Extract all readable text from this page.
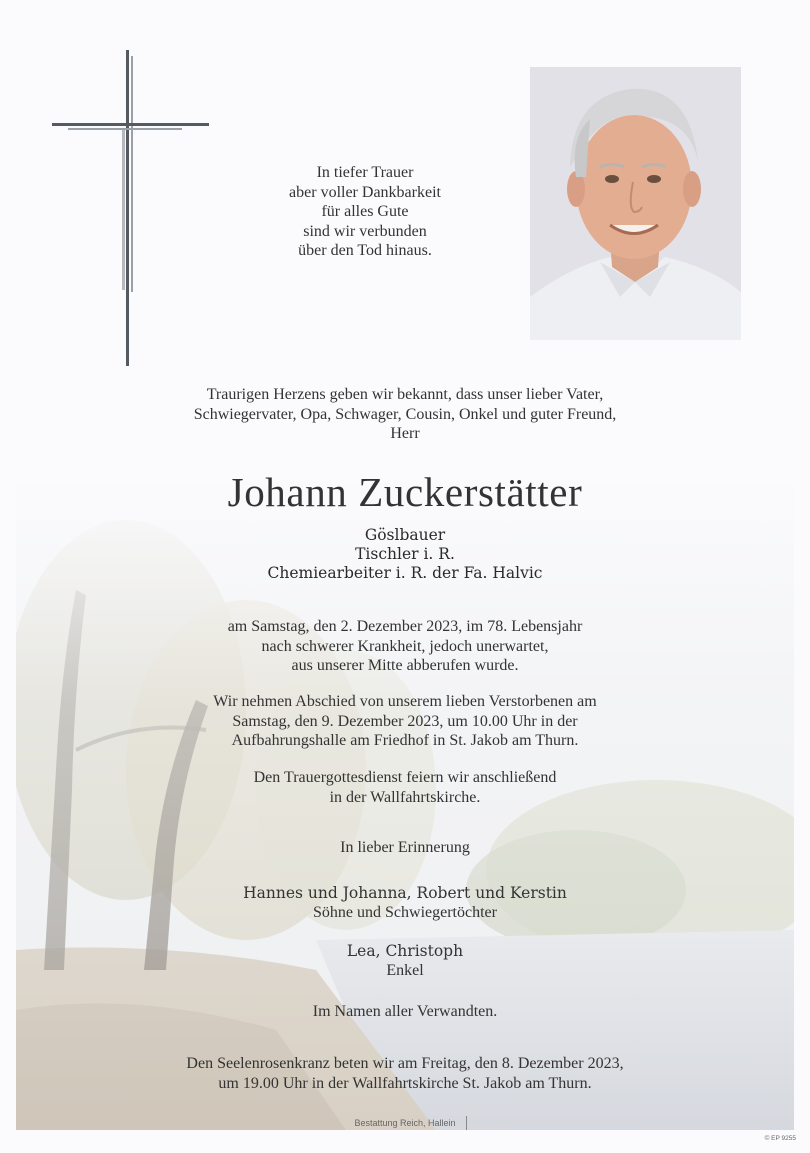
In tiefer Trauer
aber voller Dankbarkeit
für alles Gute
sind wir verbunden
über den Tod hinaus.
Traurigen Herzens geben wir bekannt, dass unser lieber Vater,
Schwiegervater, Opa, Schwager, Cousin, Onkel und guter Freund,
Herr
Johann Zuckerstätter
Göslbauer
Tischler i. R.
Chemiearbeiter i. R. der Fa. Halvic
am Samstag, den 2. Dezember 2023, im 78. Lebensjahr
nach schwerer Krankheit, jedoch unerwartet,
aus unserer Mitte abberufen wurde.
Wir nehmen Abschied von unserem lieben Verstorbenen am
Samstag, den 9. Dezember 2023, um 10.00 Uhr in der
Aufbahrungshalle am Friedhof in St. Jakob am Thurn.
Den Trauergottesdienst feiern wir anschließend
in der Wallfahrtskirche.
In lieber Erinnerung
Hannes und Johanna, Robert und Kerstin
Söhne und Schwiegertöchter
Lea, Christoph
Enkel
Im Namen aller Verwandten.
Den Seelenrosenkranz beten wir am Freitag, den 8. Dezember 2023,
um 19.00 Uhr in der Wallfahrtskirche St. Jakob am Thurn.
Bestattung Reich, Hallein
© EP 9255
